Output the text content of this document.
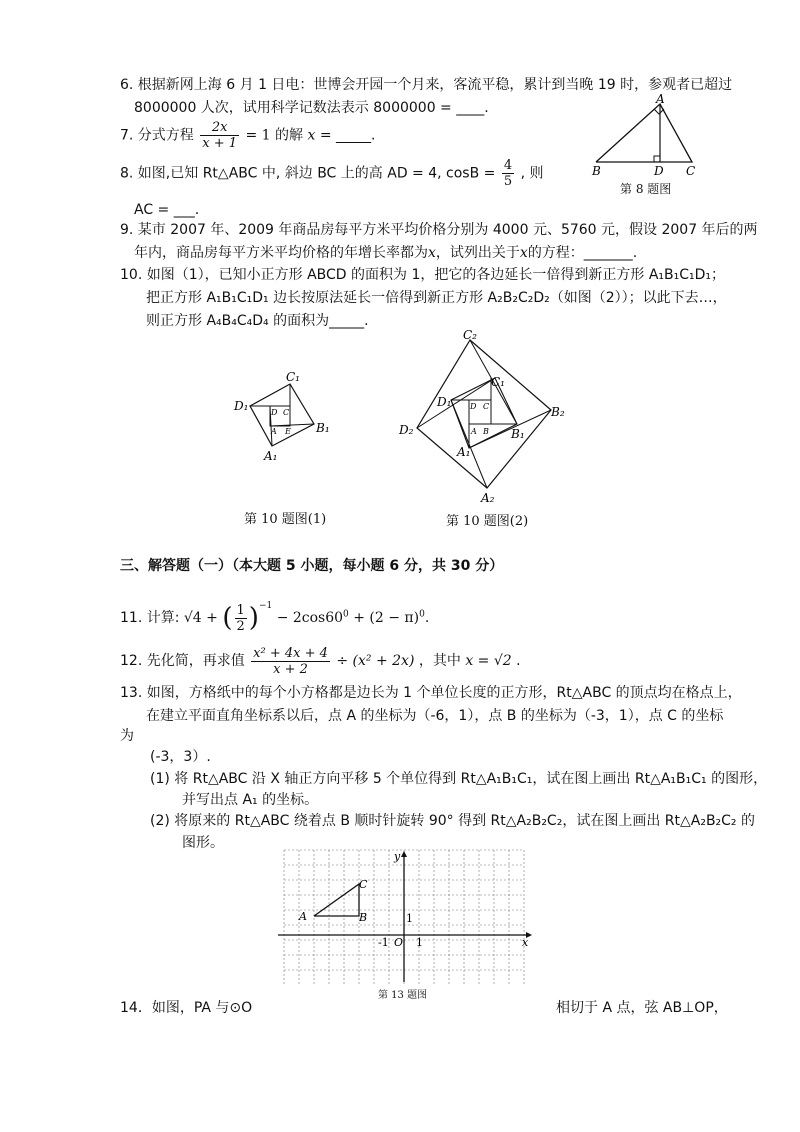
6. 根据新网上海 6 月 1 日电：世博会开园一个月来，客流平稳，累计到当晚 19 时，参观者已超过
8000000 人次，试用科学记数法表示 8000000 = ____.
7. 分式方程 $\frac{2x}{x + 1} = 1$ 的解 x = _____.
8. 如图,已知 Rt△ABC 中, 斜边 BC 上的高 AD = 4, $\cos B = \frac{4}{5}$ , 则
AC = ___.
A
B	D C
第 8 题图
9. 某市 2007 年、2009 年商品房每平方米平均价格分别为 4000 元、5760 元，假设 2007 年后的两
年内，商品房每平方米平均价格的年增长率都为x，试列出关于x的方程：_______.
10. 如图（1），已知小正方形 ABCD 的面积为 1，把它的各边延长一倍得到新正方形 A₁B₁C₁D₁；
把正方形 A₁B₁C₁D₁ 边长按原法延长一倍得到新正方形 A₂B₂C₂D₂（如图（2））；以此下去…，
则正方形 A₄B₄C₄D₄ 的面积为_____.
C₁
D₁
B₁
A₁
D C
A E
第 10 题图(1)
C₂
C₁
D₁
B₂
D₂	B₁
A₁
A₂
D C
A B
第 10 题图(2)
三、解答题（一）（本大题 5 小题，每小题 6 分，共 30 分）
11. 计算: √4 + ( $\frac{1}{2} )^{-1} - 2\cos 60^0 + (2 - \pi)^0$.
12. 先化简，再求值 $\frac{\text{x² + 4x + 4}}{x + 2} \div (x^2 + 2x)$ ，其中 x = √2 .
13. 如图，方格纸中的每个小方格都是边长为 1 个单位长度的正方形，Rt△ABC 的顶点均在格点上，
在建立平面直角坐标系以后，点 A 的坐标为（-6，1），点 B 的坐标为（-3，1），点 C 的坐标
为
(-3，3）.
(1) 将 Rt△ABC 沿 X 轴正方向平移 5 个单位得到 Rt△A₁B₁C₁，试在图上画出 Rt△A₁B₁C₁ 的图形，
并写出点 A₁ 的坐标。
(2) 将原来的 Rt△ABC 绕着点 B 顺时针旋转 90° 得到 Rt△A₂B₂C₂，试在图上画出 Rt△A₂B₂C₂ 的
图形。
A	B
C
y
x
O
-1 1
1
第 13 题图
14．如图，PA 与⊙O	相切于 A 点，弦 AB⊥OP，
